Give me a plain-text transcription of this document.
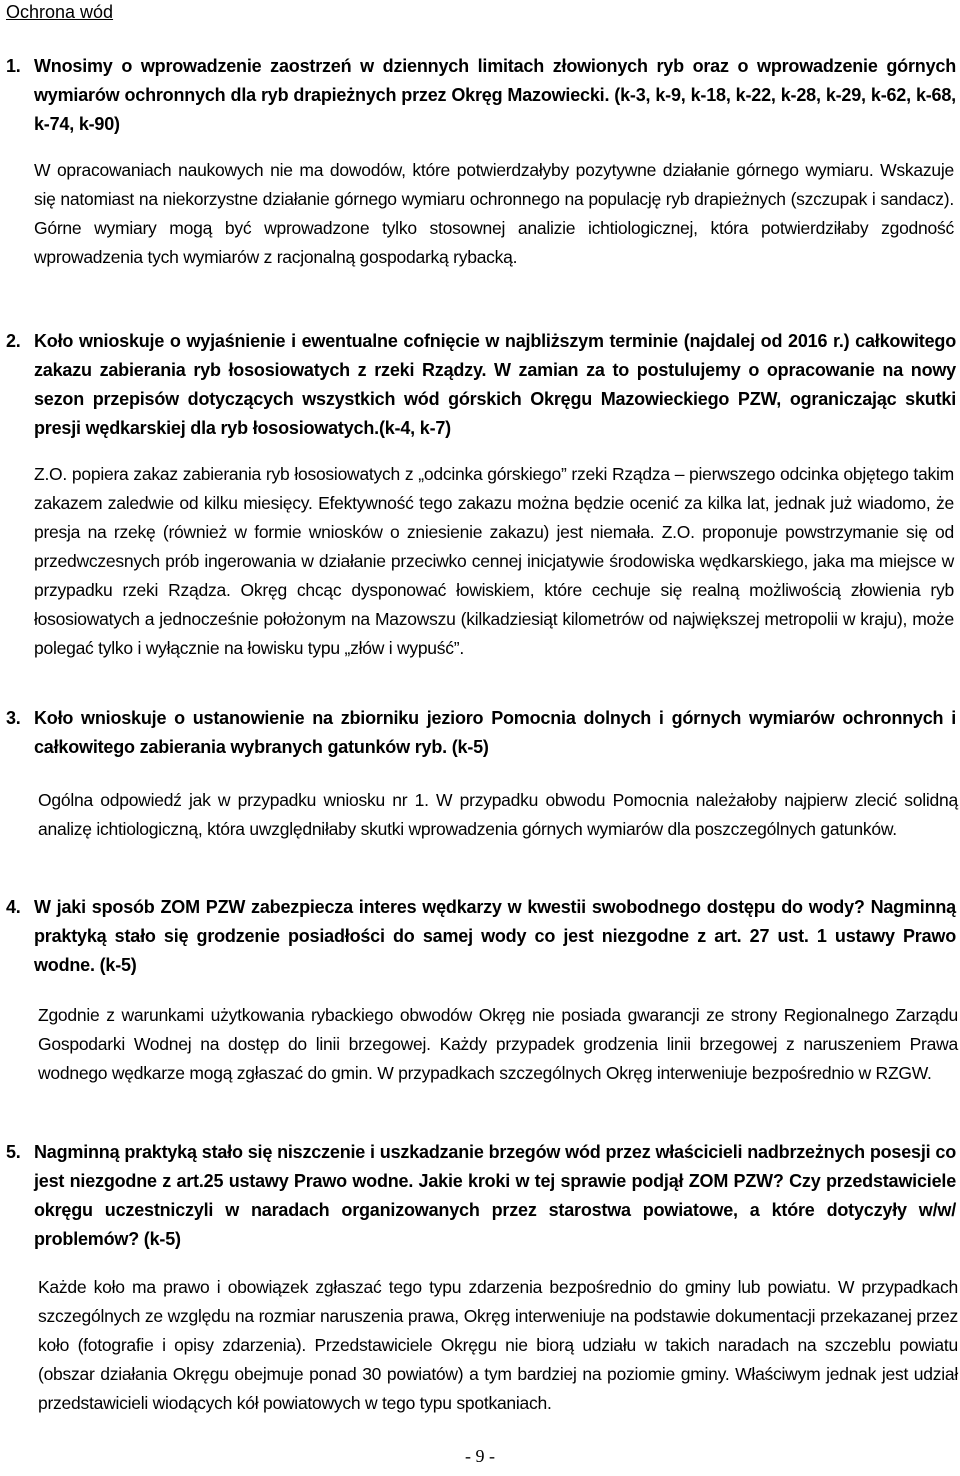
Ochrona wód
1. Wnosimy o wprowadzenie zaostrzeń w dziennych limitach złowionych ryb oraz o wprowadzenie górnych wymiarów ochronnych dla ryb drapieżnych przez Okręg Mazowiecki. (k-3, k-9, k-18, k-22, k-28, k-29, k-62, k-68, k-74, k-90)
W opracowaniach naukowych nie ma dowodów, które potwierdzałyby pozytywne działanie górnego wymiaru. Wskazuje się natomiast na niekorzystne działanie górnego wymiaru ochronnego na populację ryb drapieżnych (szczupak i sandacz). Górne wymiary mogą być wprowadzone tylko stosownej analizie ichtiologicznej, która potwierdziłaby zgodność wprowadzenia tych wymiarów z racjonalną gospodarką rybacką.
2. Koło wnioskuje o wyjaśnienie i ewentualne cofnięcie w najbliższym terminie (najdalej od 2016 r.) całkowitego zakazu zabierania ryb łososiowatych z rzeki Rządzy. W zamian za to postulujemy o opracowanie na nowy sezon przepisów dotyczących wszystkich wód górskich Okręgu Mazowieckiego PZW, ograniczając skutki presji wędkarskiej dla ryb łososiowatych.(k-4, k-7)
Z.O. popiera zakaz zabierania ryb łososiowatych z „odcinka górskiego” rzeki Rządza – pierwszego odcinka objętego takim zakazem zaledwie od kilku miesięcy. Efektywność tego zakazu można będzie ocenić za kilka lat, jednak już wiadomo, że presja na rzekę (również w formie wniosków o zniesienie zakazu) jest niemała. Z.O. proponuje powstrzymanie się od przedwczesnych prób ingerowania w działanie przeciwko cennej inicjatywie środowiska wędkarskiego, jaka ma miejsce w przypadku rzeki Rządza. Okręg chcąc dysponować łowiskiem, które cechuje się realną możliwością złowienia ryb łososiowatych a jednocześnie położonym na Mazowszu (kilkadziesiąt kilometrów od największej metropolii w kraju), może polegać tylko i wyłącznie na łowisku typu „złów i wypuść”.
3. Koło wnioskuje o ustanowienie na zbiorniku jezioro Pomocnia dolnych i górnych wymiarów ochronnych i całkowitego zabierania wybranych gatunków ryb. (k-5)
Ogólna odpowiedź jak w przypadku wniosku nr 1. W przypadku obwodu Pomocnia należałoby najpierw zlecić solidną analizę ichtiologiczną, która uwzględniłaby skutki wprowadzenia górnych wymiarów dla poszczególnych gatunków.
4. W jaki sposób ZOM PZW zabezpiecza interes wędkarzy w kwestii swobodnego dostępu do wody? Nagminną praktyką stało się grodzenie posiadłości do samej wody co jest niezgodne z art. 27 ust. 1 ustawy Prawo wodne. (k-5)
Zgodnie z warunkami użytkowania rybackiego obwodów Okręg nie posiada gwarancji ze strony Regionalnego Zarządu Gospodarki Wodnej na dostęp do linii brzegowej. Każdy przypadek grodzenia linii brzegowej z naruszeniem Prawa wodnego wędkarze mogą zgłaszać do gmin. W przypadkach szczególnych Okręg interweniuje bezpośrednio w RZGW.
5. Nagminną praktyką stało się niszczenie i uszkadzanie brzegów wód przez właścicieli nadbrzeżnych posesji co jest niezgodne z art.25 ustawy Prawo wodne. Jakie kroki w tej sprawie podjął ZOM PZW? Czy przedstawiciele okręgu uczestniczyli w naradach organizowanych przez starostwa powiatowe, a które dotyczyły w/w/ problemów? (k-5)
Każde koło ma prawo i obowiązek zgłaszać tego typu zdarzenia bezpośrednio do gminy lub powiatu. W przypadkach szczególnych ze względu na rozmiar naruszenia prawa, Okręg interweniuje na podstawie dokumentacji przekazanej przez koło (fotografie i opisy zdarzenia). Przedstawiciele Okręgu nie biorą udziału w takich naradach na szczeblu powiatu (obszar działania Okręgu obejmuje ponad 30 powiatów) a tym bardziej na poziomie gminy. Właściwym jednak jest udział przedstawicieli wiodących kół powiatowych w tego typu spotkaniach.
- 9 -
